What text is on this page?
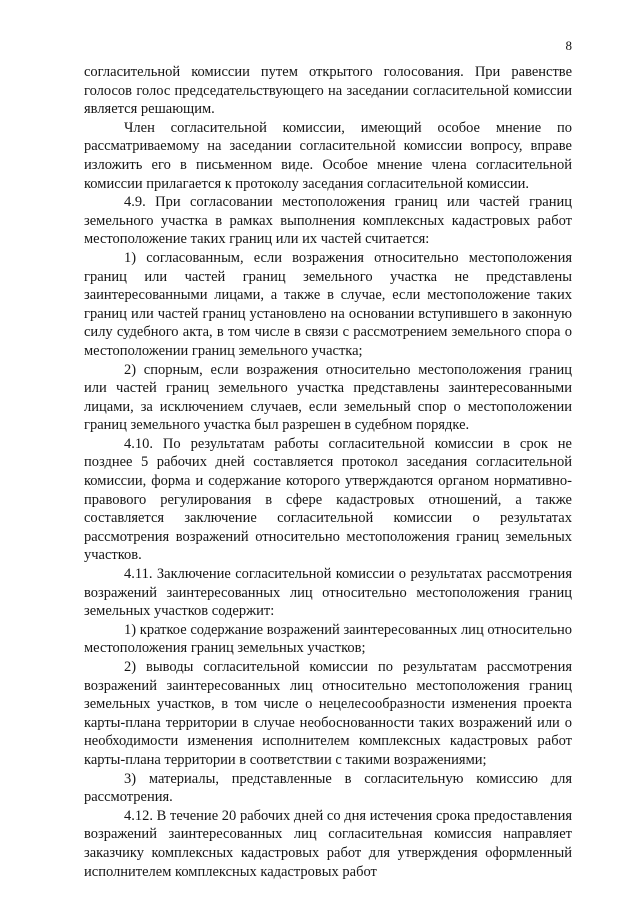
8

согласительной комиссии путем открытого голосования. При равенстве голосов голос председательствующего на заседании согласительной комиссии является решающим.

Член согласительной комиссии, имеющий особое мнение по рассматриваемому на заседании согласительной комиссии вопросу, вправе изложить его в письменном виде. Особое мнение члена согласительной комиссии прилагается к протоколу заседания согласительной комиссии.

4.9. При согласовании местоположения границ или частей границ земельного участка в рамках выполнения комплексных кадастровых работ местоположение таких границ или их частей считается:

1) согласованным, если возражения относительно местоположения границ или частей границ земельного участка не представлены заинтересованными лицами, а также в случае, если местоположение таких границ или частей границ установлено на основании вступившего в законную силу судебного акта, в том числе в связи с рассмотрением земельного спора о местоположении границ земельного участка;

2) спорным, если возражения относительно местоположения границ или частей границ земельного участка представлены заинтересованными лицами, за исключением случаев, если земельный спор о местоположении границ земельного участка был разрешен в судебном порядке.

4.10. По результатам работы согласительной комиссии в срок не позднее 5 рабочих дней составляется протокол заседания согласительной комиссии, форма и содержание которого утверждаются органом нормативно-правового регулирования в сфере кадастровых отношений, а также составляется заключение согласительной комиссии о результатах рассмотрения возражений относительно местоположения границ земельных участков.

4.11. Заключение согласительной комиссии о результатах рассмотрения возражений заинтересованных лиц относительно местоположения границ земельных участков содержит:

1) краткое содержание возражений заинтересованных лиц относительно местоположения границ земельных участков;

2) выводы согласительной комиссии по результатам рассмотрения возражений заинтересованных лиц относительно местоположения границ земельных участков, в том числе о нецелесообразности изменения проекта карты-плана территории в случае необоснованности таких возражений или о необходимости изменения исполнителем комплексных кадастровых работ карты-плана территории в соответствии с такими возражениями;

3) материалы, представленные в согласительную комиссию для рассмотрения.

4.12. В течение 20 рабочих дней со дня истечения срока предоставления возражений заинтересованных лиц согласительная комиссия направляет заказчику комплексных кадастровых работ для утверждения оформленный исполнителем комплексных кадастровых работ
